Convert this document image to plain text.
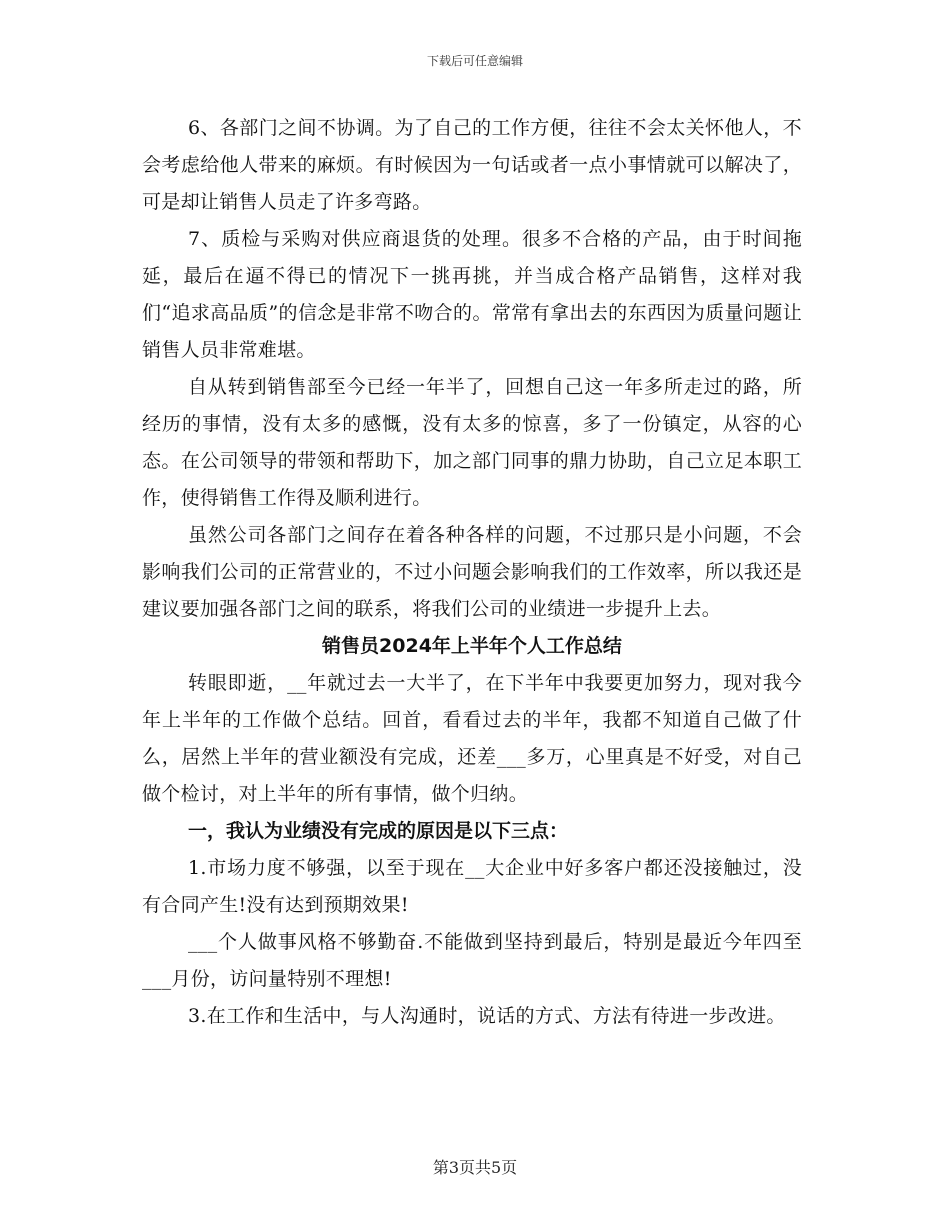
下载后可任意编辑

6、各部门之间不协调。为了自己的工作方便，往往不会太关怀他人，不会考虑给他人带来的麻烦。有时候因为一句话或者一点小事情就可以解决了，可是却让销售人员走了许多弯路。

7、质检与采购对供应商退货的处理。很多不合格的产品，由于时间拖延，最后在逼不得已的情况下一挑再挑，并当成合格产品销售，这样对我们“追求高品质”的信念是非常不吻合的。常常有拿出去的东西因为质量问题让销售人员非常难堪。

自从转到销售部至今已经一年半了，回想自己这一年多所走过的路，所经历的事情，没有太多的感慨，没有太多的惊喜，多了一份镇定，从容的心态。在公司领导的带领和帮助下，加之部门同事的鼎力协助，自己立足本职工作，使得销售工作得及顺利进行。

虽然公司各部门之间存在着各种各样的问题，不过那只是小问题，不会影响我们公司的正常营业的，不过小问题会影响我们的工作效率，所以我还是建议要加强各部门之间的联系，将我们公司的业绩进一步提升上去。

销售员2024年上半年个人工作总结

转眼即逝，__年就过去一大半了，在下半年中我要更加努力，现对我今年上半年的工作做个总结。回首，看看过去的半年，我都不知道自己做了什么，居然上半年的营业额没有完成，还差___多万，心里真是不好受，对自己做个检讨，对上半年的所有事情，做个归纳。

一，我认为业绩没有完成的原因是以下三点：

1.市场力度不够强，以至于现在__大企业中好多客户都还没接触过，没有合同产生!没有达到预期效果!

___个人做事风格不够勤奋.不能做到坚持到最后，特别是最近今年四至___月份，访问量特别不理想!

3.在工作和生活中，与人沟通时，说话的方式、方法有待进一步改进。

第3页共5页
